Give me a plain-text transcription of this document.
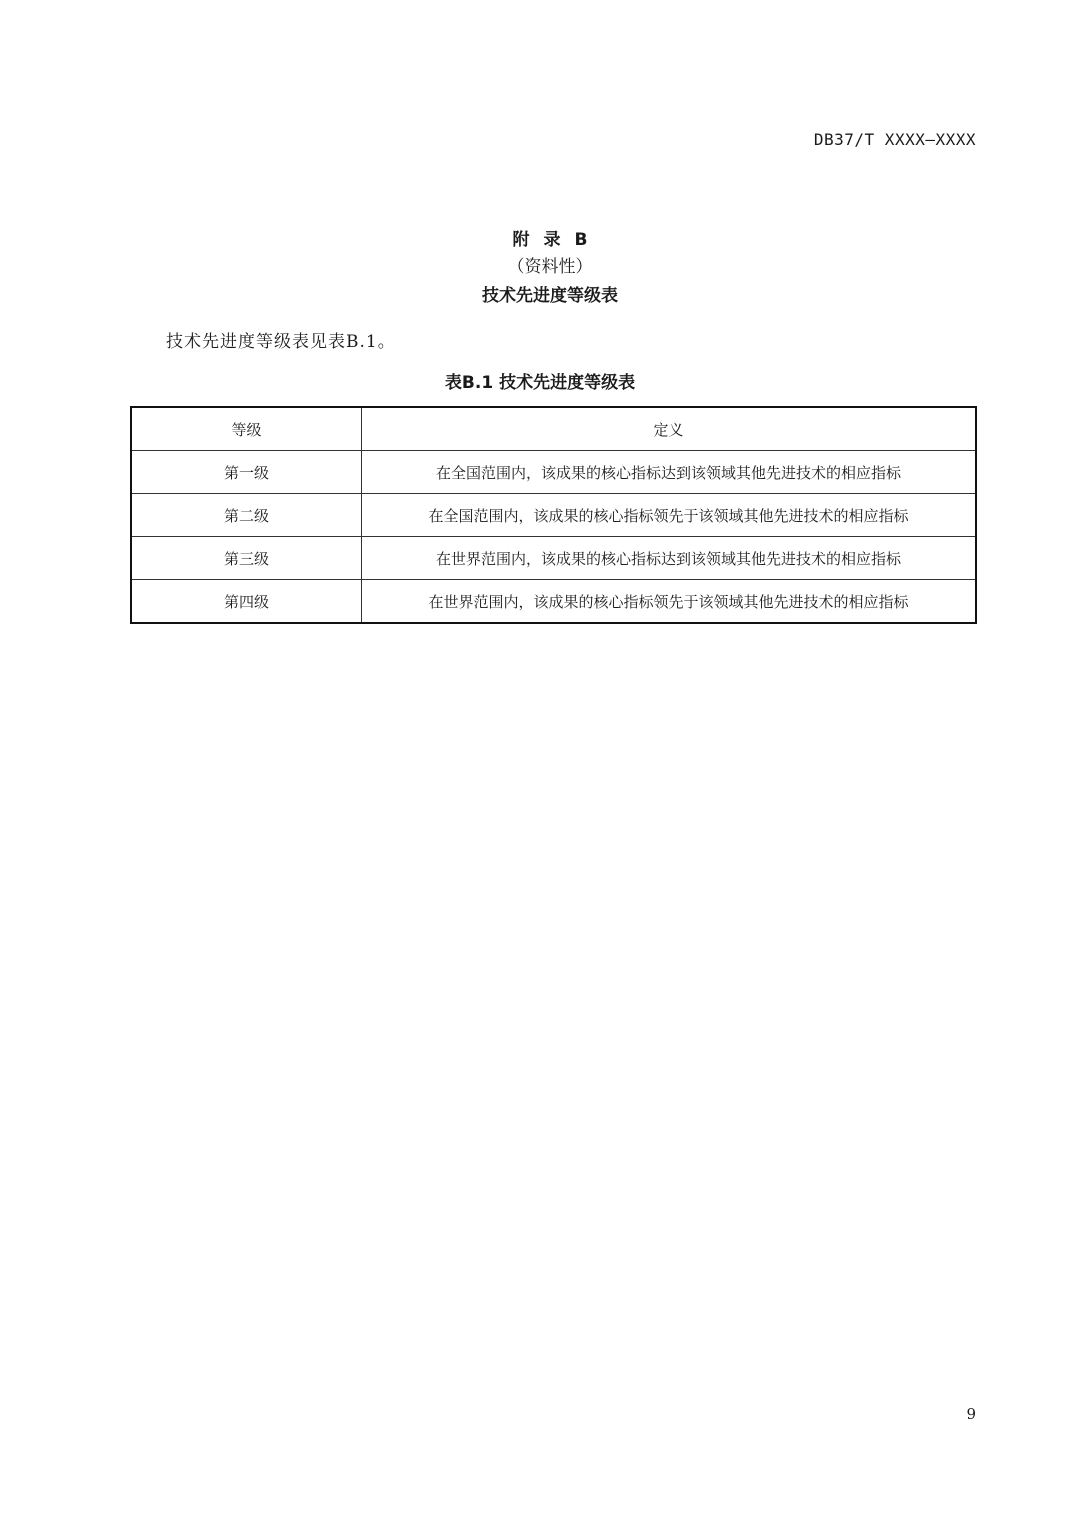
DB37/T XXXX—XXXX
附录B
（资料性）
技术先进度等级表
技术先进度等级表见表B.1。
表B.1 技术先进度等级表
等级	定义
第一级	在全国范围内，该成果的核心指标达到该领域其他先进技术的相应指标
第二级	在全国范围内，该成果的核心指标领先于该领域其他先进技术的相应指标
第三级	在世界范围内，该成果的核心指标达到该领域其他先进技术的相应指标
第四级	在世界范围内，该成果的核心指标领先于该领域其他先进技术的相应指标
9
